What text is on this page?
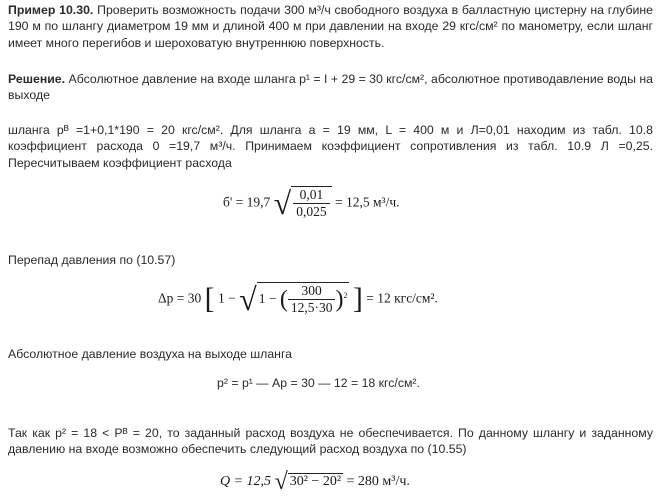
Пример 10.30. Проверить возможность подачи 300 м³/ч свободного воздуха в балластную цистерну на глубине 190 м по шлангу диаметром 19 мм и длиной 400 м при давлении на входе 29 кгс/см² по манометру, если шланг имеет много перегибов и шероховатую внутреннюю поверхность.

Решение. Абсолютное давление на входе шланга р¹ = I + 29 = 30 кгс/см², абсолютное противодавление воды на выходе

шланга рᴮ =1+0,1*190 = 20 кгс/см². Для шланга а = 19 мм, L = 400 м и Л=0,01 находим из табл. 10.8 коэффициент расхода 0 =19,7 м³/ч. Принимаем коэффициент сопротивления из табл. 10.9 Л =0,25. Пересчитываем коэффициент расхода

б' = 19,7 √ $\frac{0,01}{0,025} = 12,5$ м³/ч.

Перепад давления по (10.57)

Δp = 30 [ 1 − √ 1 − ( $\frac{300}{12,5\cdot 30} )^2$ ] = 12 кгс/см².

Абсолютное давление воздуха на выходе шланга

р² = р¹ — Ар = 30 — 12 = 18 кгс/см².

Так как р² = 18 < Рᴮ = 20, то заданный расход воздуха не обеспечивается. По данному шлангу и заданному давлению на входе возможно обеспечить следующий расход воздуха по (10.55)

Q = 12,5 √ 30² − 20² = 280 м³/ч.
